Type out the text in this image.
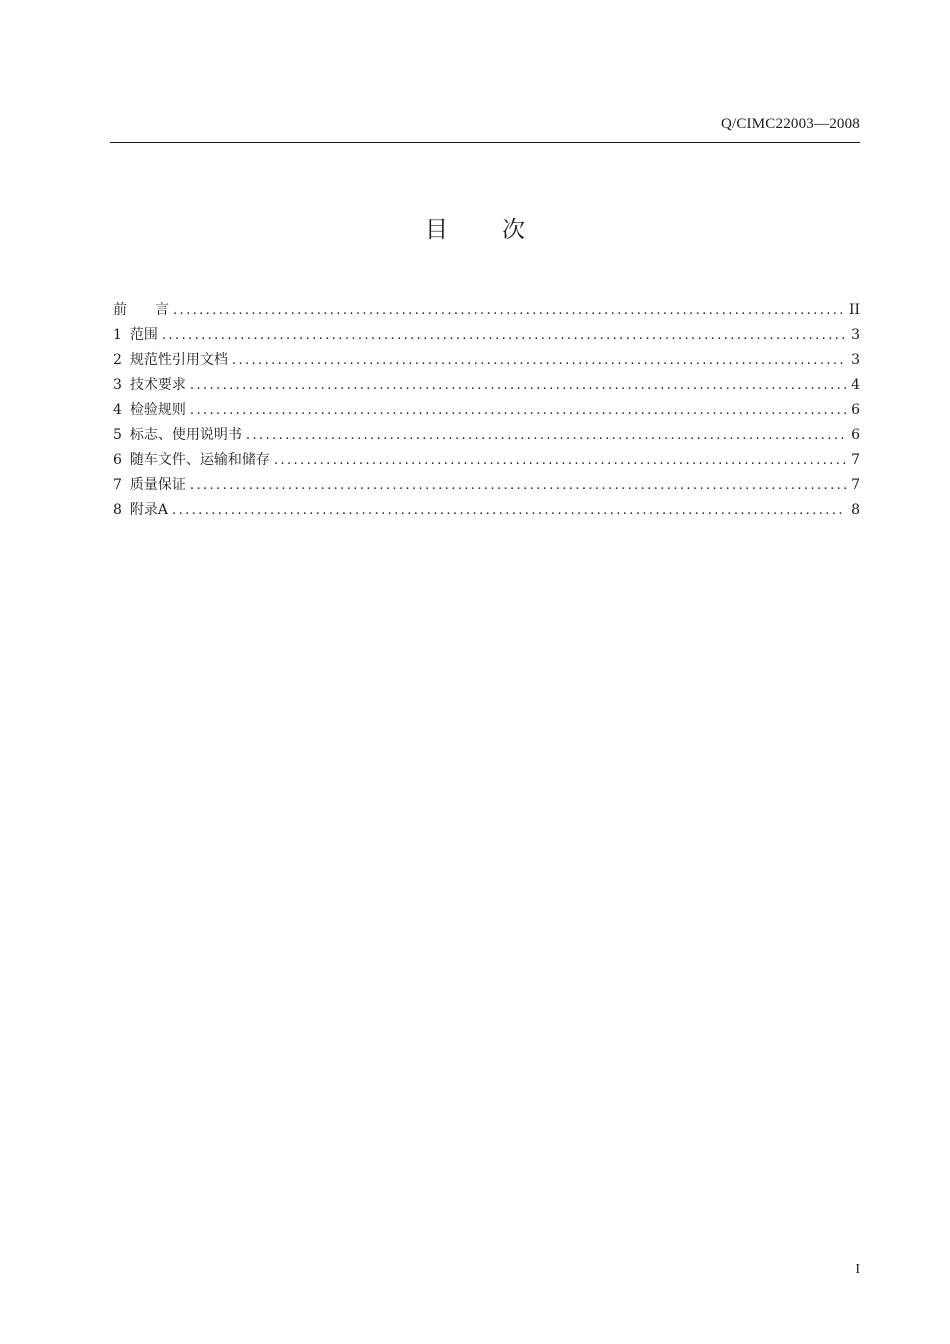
Q/CIMC22003—2008
目 次
前　　言 .....	II
1 范围 .....	3
2 规范性引用文档 .....	3
3 技术要求 .....	4
4 检验规则 .....	6
5 标志、使用说明书 .....	6
6 随车文件、运输和储存 .....	7
7 质量保证 .....	7
8 附录A .....	8
I
